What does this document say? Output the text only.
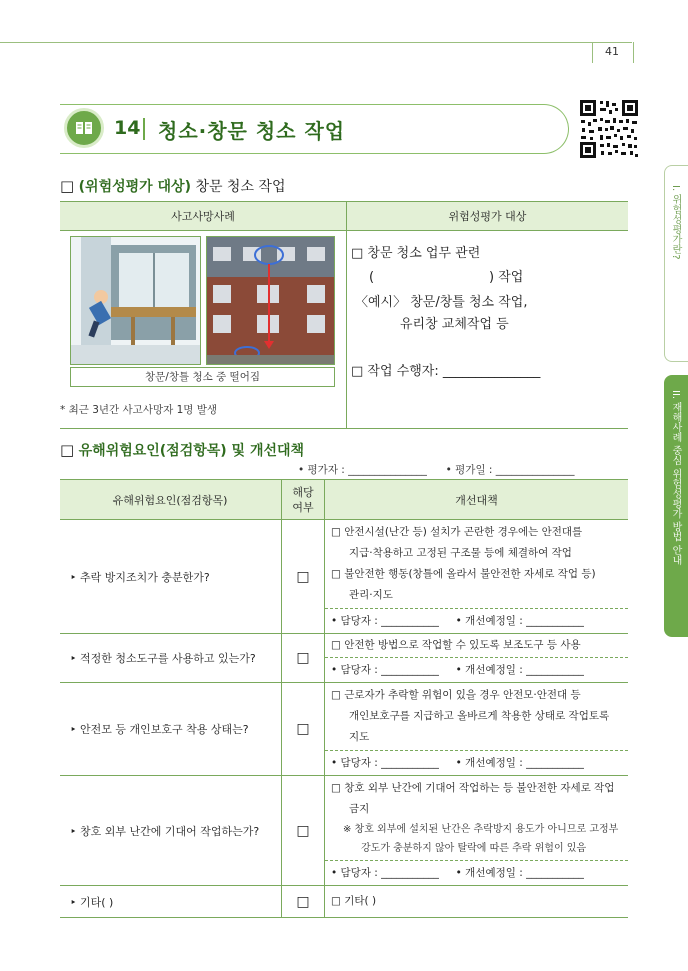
41
14 청소·창문 청소 작업
I. 위험성평가란?
II. 재해사례 중심 위험성평가 방법 안내
□ (위험성평가 대상) 창문 청소 작업
사고사망사례	위험성평가 대상

창문/창틀 청소 중 떨어짐
□ 창문 청소 업무 관련
(	) 작업
〈예시〉 창문/창틀 청소 작업,
유리창 교체작업 등
□ 작업 수행자: _______________
* 최근 3년간 사고사망자 1명 발생
□ 유해위험요인(점검항목) 및 개선대책
• 평가자 : _______________ • 평가일 : _______________
유해위험요인(점검항목)	해당
여부	개선대책
‣ 추락 방지조치가 충분한가?	□	□ 안전시설(난간 등) 설치가 곤란한 경우에는 안전대를
지급·착용하고 고정된 구조물 등에 체결하여 작업
□ 불안전한 행동(창틀에 올라서 불안전한 자세로 작업 등)
관리·지도

		• 담당자 : ___________ • 개선예정일 : ___________
‣ 적정한 청소도구를 사용하고 있는가?	□	□ 안전한 방법으로 작업할 수 있도록 보조도구 등 사용
		• 담당자 : ___________ • 개선예정일 : ___________
‣ 안전모 등 개인보호구 착용 상태는?	□	□ 근로자가 추락할 위험이 있을 경우 안전모·안전대 등
개인보호구를 지급하고 올바르게 착용한 상태로 작업토록
지도

		• 담당자 : ___________ • 개선예정일 : ___________
‣ 창호 외부 난간에 기대어 작업하는가?	□	□ 창호 외부 난간에 기대어 작업하는 등 불안전한 자세로 작업
금지
※ 창호 외부에 설치된 난간은 추락방지 용도가 아니므로 고정부
강도가 충분하지 않아 탈락에 따른 추락 위험이 있음

		• 담당자 : ___________ • 개선예정일 : ___________
‣ 기타( )	□	□ 기타( )
